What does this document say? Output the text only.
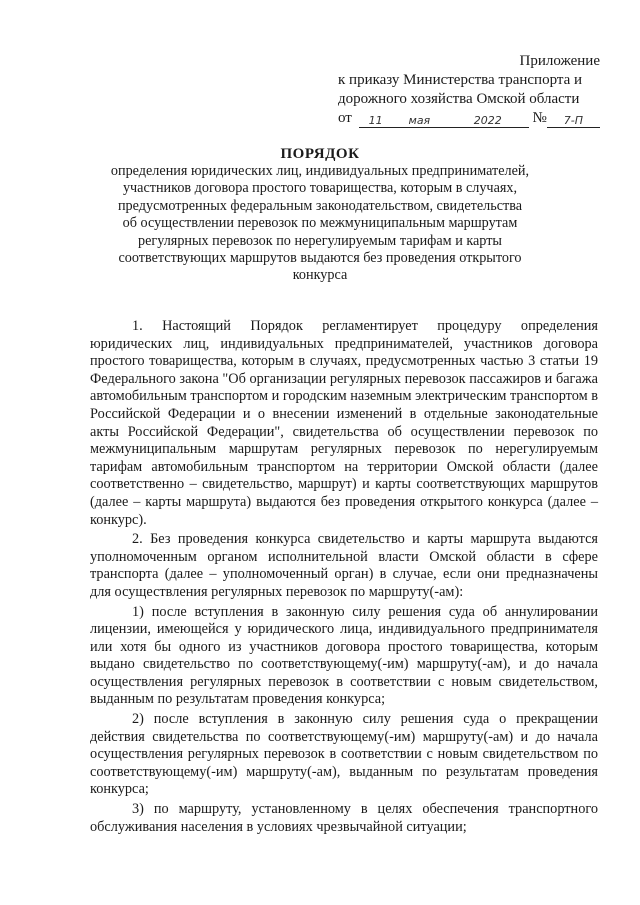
Приложение
к приказу Министерства транспорта и
дорожного хозяйства Омской области
от	11	мая	2022	№	7-П
ПОРЯДОК
определения юридических лиц, индивидуальных предпринимателей, участников договора простого товарищества, которым в случаях, предусмотренных федеральным законодательством, свидетельства об осуществлении перевозок по межмуниципальным маршрутам регулярных перевозок по нерегулируемым тарифам и карты соответствующих маршрутов выдаются без проведения открытого конкурса

1. Настоящий Порядок регламентирует процедуру определения юридических лиц, индивидуальных предпринимателей, участников договора простого товарищества, которым в случаях, предусмотренных частью 3 статьи 19 Федерального закона "Об организации регулярных перевозок пассажиров и багажа автомобильным транспортом и городским наземным электрическим транспортом в Российской Федерации и о внесении изменений в отдельные законодательные акты Российской Федерации", свидетельства об осуществлении перевозок по межмуниципальным маршрутам регулярных перевозок по нерегулируемым тарифам автомобильным транспортом на территории Омской области (далее соответственно – свидетельство, маршрут) и карты соответствующих маршрутов (далее – карты маршрута) выдаются без проведения открытого конкурса (далее – конкурс).

2. Без проведения конкурса свидетельство и карты маршрута выдаются уполномоченным органом исполнительной власти Омской области в сфере транспорта (далее – уполномоченный орган) в случае, если они предназначены для осуществления регулярных перевозок по маршруту(-ам):

1) после вступления в законную силу решения суда об аннулировании лицензии, имеющейся у юридического лица, индивидуального предпринимателя или хотя бы одного из участников договора простого товарищества, которым выдано свидетельство по соответствующему(-им) маршруту(-ам), и до начала осуществления регулярных перевозок в соответствии с новым свидетельством, выданным по результатам проведения конкурса;

2) после вступления в законную силу решения суда о прекращении действия свидетельства по соответствующему(-им) маршруту(-ам) и до начала осуществления регулярных перевозок в соответствии с новым свидетельством по соответствующему(-им) маршруту(-ам), выданным по результатам проведения конкурса;

3) по маршруту, установленному в целях обеспечения транспортного обслуживания населения в условиях чрезвычайной ситуации;
